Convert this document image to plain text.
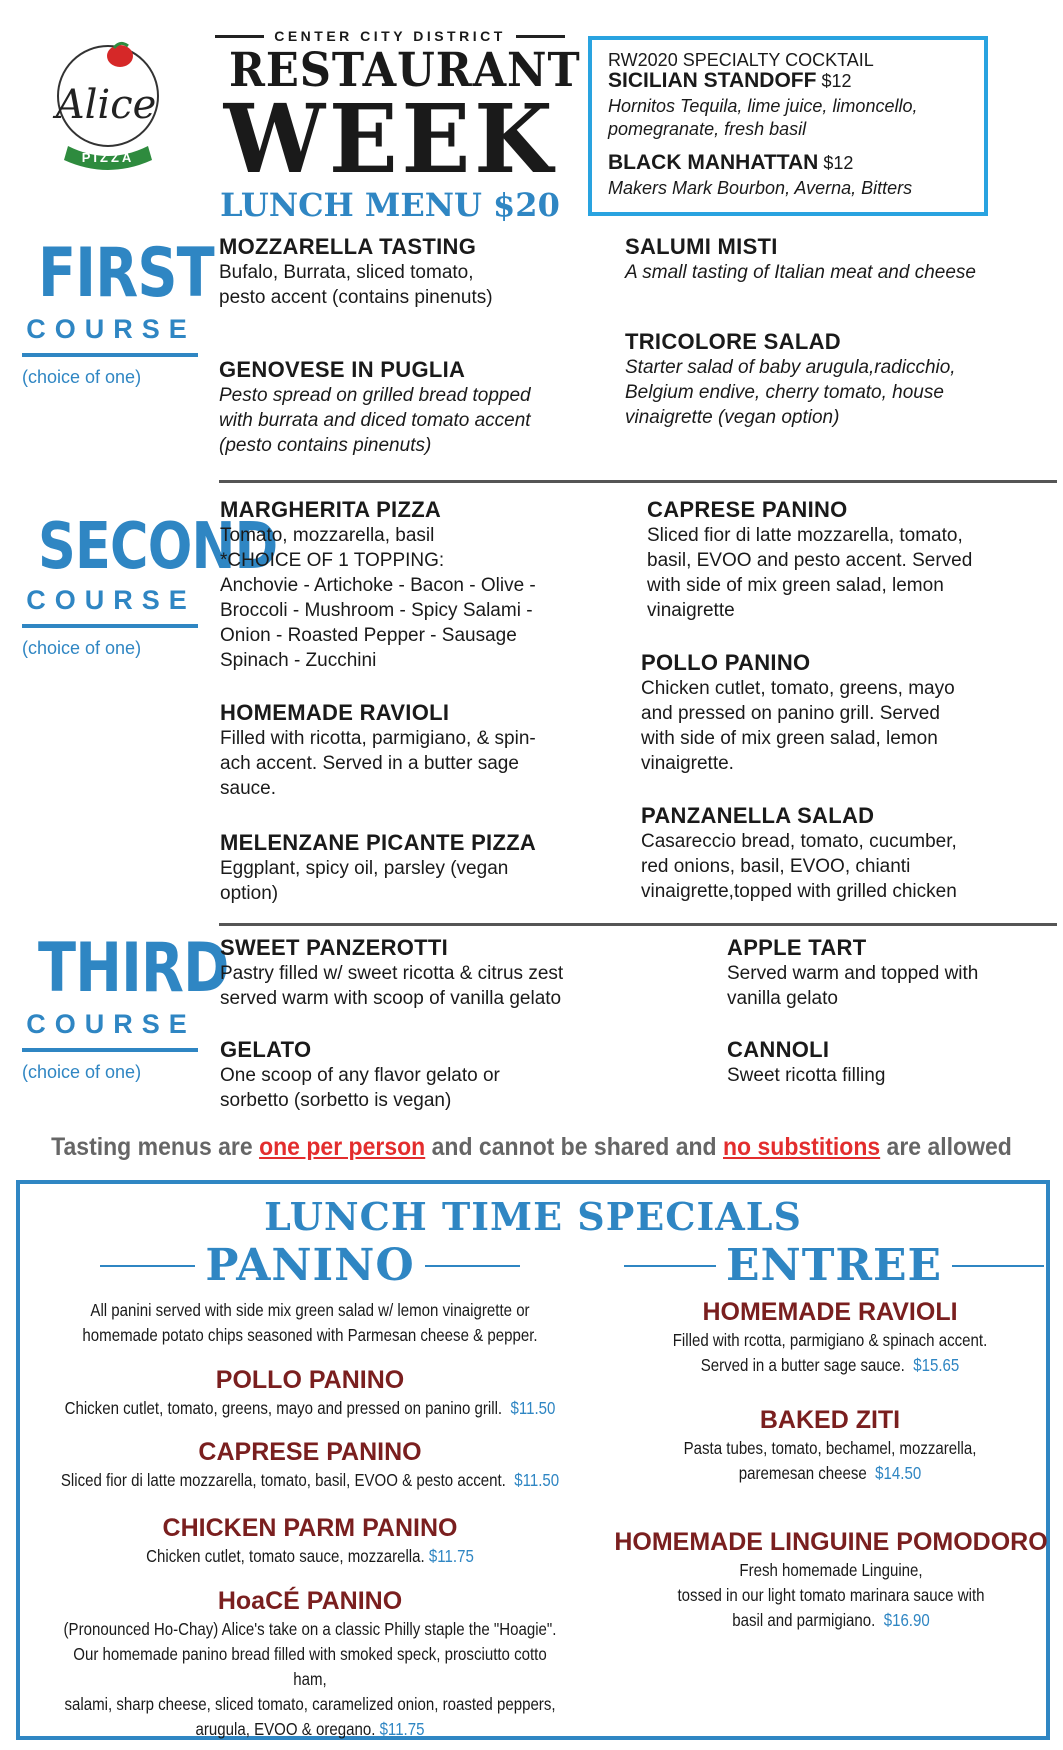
Alice
PIZZA
CENTER CITY DISTRICT
RESTAURANT
WEEK
LUNCH MENU $20
RW2020 SPECIALTY COCKTAIL
SICILIAN STANDOFF $12
Hornitos Tequila, lime juice, limoncello,
pomegranate, fresh basil
BLACK MANHATTAN $12
Makers Mark Bourbon, Averna, Bitters
FIRST
COURSE
(choice of one)
MOZZARELLA TASTING
Bufalo, Burrata, sliced tomato,
pesto accent (contains pinenuts)
SALUMI MISTI
A small tasting of Italian meat and cheese
GENOVESE IN PUGLIA
Pesto spread on grilled bread topped
with burrata and diced tomato accent
(pesto contains pinenuts)
TRICOLORE SALAD
Starter salad of baby arugula,radicchio,
Belgium endive, cherry tomato, house
vinaigrette (vegan option)
SECOND
COURSE
(choice of one)
MARGHERITA PIZZA
Tomato, mozzarella, basil
*CHOICE OF 1 TOPPING:
Anchovie - Artichoke - Bacon - Olive -
Broccoli - Mushroom - Spicy Salami -
Onion - Roasted Pepper - Sausage
Spinach - Zucchini
CAPRESE PANINO
Sliced fior di latte mozzarella, tomato,
basil, EVOO and pesto accent. Served
with side of mix green salad, lemon
vinaigrette
POLLO PANINO
Chicken cutlet, tomato, greens, mayo
and pressed on panino grill. Served
with side of mix green salad, lemon
vinaigrette.
HOMEMADE RAVIOLI
Filled with ricotta, parmigiano, & spin-
ach accent. Served in a butter sage
sauce.
PANZANELLA SALAD
Casareccio bread, tomato, cucumber,
red onions, basil, EVOO, chianti
vinaigrette,topped with grilled chicken
MELENZANE PICANTE PIZZA
Eggplant, spicy oil, parsley (vegan
option)
THIRD
COURSE
(choice of one)
SWEET PANZEROTTI
Pastry filled w/ sweet ricotta & citrus zest
served warm with scoop of vanilla gelato
APPLE TART
Served warm and topped with
vanilla gelato
GELATO
One scoop of any flavor gelato or
sorbetto (sorbetto is vegan)
CANNOLI
Sweet ricotta filling
Tasting menus are one per person and cannot be shared and no substitions are allowed
LUNCH TIME SPECIALS
PANINO	ENTREE
All panini served with side mix green salad w/ lemon vinaigrette or
homemade potato chips seasoned with Parmesan cheese & pepper.
POLLO PANINO
Chicken cutlet, tomato, greens, mayo and pressed on panino grill. $11.50
CAPRESE PANINO
Sliced fior di latte mozzarella, tomato, basil, EVOO & pesto accent. $11.50
CHICKEN PARM PANINO
Chicken cutlet, tomato sauce, mozzarella. $11.75
HoaCÉ PANINO
(Pronounced Ho-Chay) Alice's take on a classic Philly staple the "Hoagie".
Our homemade panino bread filled with smoked speck, prosciutto cotto ham,
salami, sharp cheese, sliced tomato, caramelized onion, roasted peppers,
arugula, EVOO & oregano. $11.75
HOMEMADE RAVIOLI
Filled with rcotta, parmigiano & spinach accent.
Served in a butter sage sauce. $15.65
BAKED ZITI
Pasta tubes, tomato, bechamel, mozzarella,
paremesan cheese $14.50
HOMEMADE LINGUINE POMODORO
Fresh homemade Linguine,
tossed in our light tomato marinara sauce with
basil and parmigiano. $16.90
